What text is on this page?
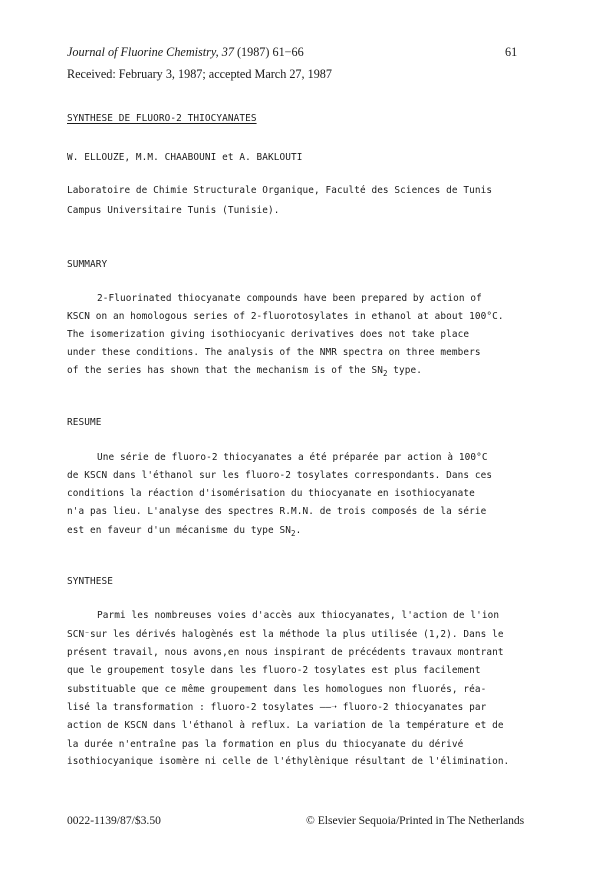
Journal of Fluorine Chemistry, 37 (1987) 61−66	61
Received: February 3, 1987; accepted March 27, 1987
SYNTHESE DE FLUORO-2 THIOCYANATES
W. ELLOUZE, M.M. CHAABOUNI et A. BAKLOUTI
Laboratoire de Chimie Structurale Organique, Faculté des Sciences de Tunis
Campus Universitaire Tunis (Tunisie).
SUMMARY
2-Fluorinated thiocyanate compounds have been prepared by action of
KSCN on an homologous series of 2-fluorotosylates in ethanol at about 100°C.
The isomerization giving isothiocyanic derivatives does not take place
under these conditions. The analysis of the NMR spectra on three members
of the series has shown that the mechanism is of the $SN_2$ type.
RESUME
Une série de fluoro-2 thiocyanates a été préparée par action à 100°C
de KSCN dans l'éthanol sur les fluoro-2 tosylates correspondants. Dans ces
conditions la réaction d'isomérisation du thiocyanate en isothiocyanate
n'a pas lieu. L'analyse des spectres R.M.N. de trois composés de la série
est en faveur d'un mécanisme du type $SN_2$.
SYNTHESE
Parmi les nombreuses voies d'accès aux thiocyanates, l'action de l'ion
SCN⁻sur les dérivés halogènés est la méthode la plus utilisée (1,2). Dans le
présent travail, nous avons,en nous inspirant de précédents travaux montrant
que le groupement tosyle dans les fluoro-2 tosylates est plus facilement
substituable que ce même groupement dans les homologues non fluorés, réa-
lisé la transformation : fluoro-2 tosylates ——➝ fluoro-2 thiocyanates par
action de KSCN dans l'éthanol à reflux. La variation de la température et de
la durée n'entraîne pas la formation en plus du thiocyanate du dérivé
isothiocyanique isomère ni celle de l'éthylènique résultant de l'élimination.
0022-1139/87/$3.50	© Elsevier Sequoia/Printed in The Netherlands
